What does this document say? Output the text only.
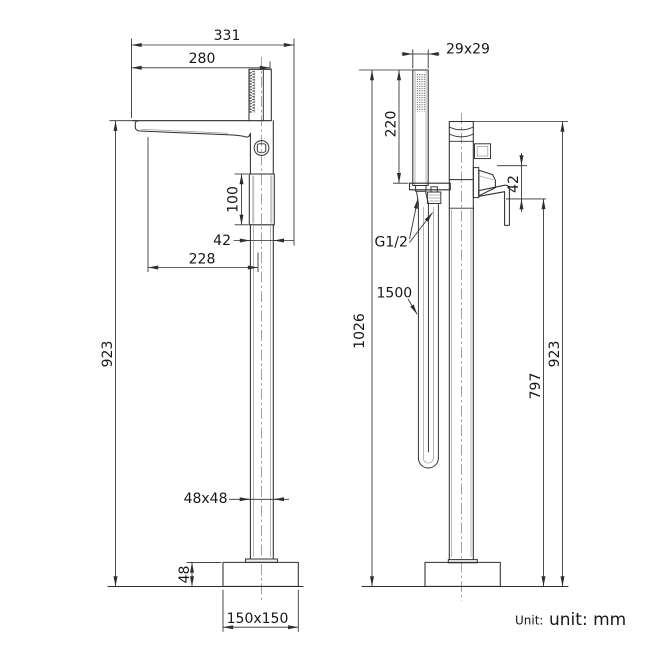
331
280
923
100
42
228
48x48
48
150x150
29x29
220
1026
42
797
923
G1/2
1500
Unit: unit: mm
